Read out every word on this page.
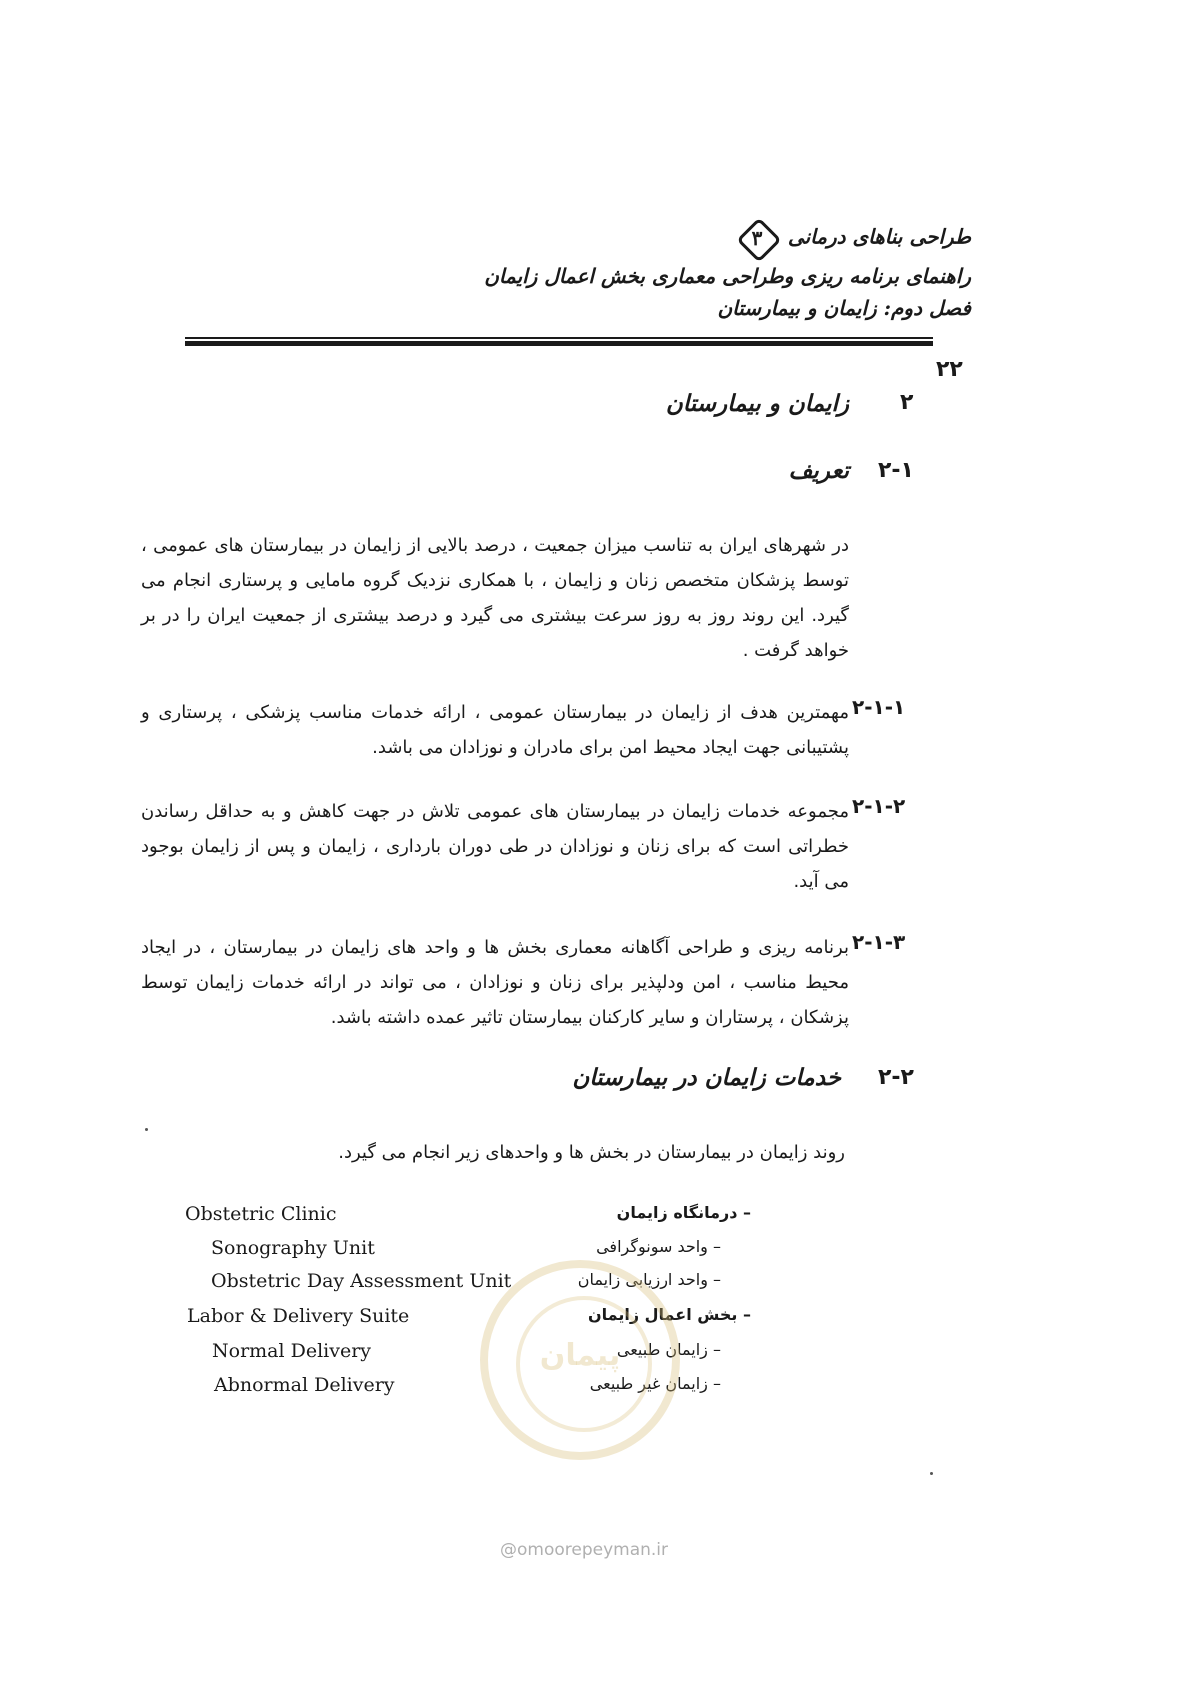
طراحی بناهای درمانی
۳
راهنمای برنامه ریزی وطراحی معماری بخش اعمال زایمان
فصل دوم: زایمان و بیمارستان
۲۲
۲
زایمان و بیمارستان
۲-۱
تعریف
در شهرهای ایران به تناسب میزان جمعیت ، درصد بالایی از زایمان در بیمارستان های عمومی ، توسط پزشکان متخصص زنان و زایمان ، با همکاری نزدیک گروه مامایی و پرستاری انجام می گیرد. این روند روز به روز سرعت بیشتری می گیرد و درصد بیشتری از جمعیت ایران را در بر خواهد گرفت .
۲-۱-۱
مهمترین هدف از زایمان در بیمارستان عمومی ، ارائه خدمات مناسب پزشکی ، پرستاری و پشتیبانی جهت ایجاد محیط امن برای مادران و نوزادان می باشد.
۲-۱-۲
مجموعه خدمات زایمان در بیمارستان های عمومی تلاش در جهت کاهش و به حداقل رساندن خطراتی است که برای زنان و نوزادان در طی دوران بارداری ، زایمان و پس از زایمان بوجود می آید.
۲-۱-۳
برنامه ریزی و طراحی آگاهانه معماری بخش ها و واحد های زایمان در بیمارستان ، در ایجاد محیط مناسب ، امن ودلپذیر برای زنان و نوزادان ، می تواند در ارائه خدمات زایمان توسط پزشکان ، پرستاران و سایر کارکنان بیمارستان تاثیر عمده داشته باشد.
۲-۲
خدمات زایمان در بیمارستان
روند زایمان در بیمارستان در بخش ها و واحدهای زیر انجام می گیرد.
– درمانگاه زایمان
Obstetric Clinic
– واحد سونوگرافی
Sonography Unit
– واحد ارزیابی زایمان
Obstetric Day Assessment Unit
– بخش اعمال زایمان
Labor & Delivery Suite
– زایمان طبیعی
Normal Delivery
– زایمان غیر طبیعی
Abnormal Delivery
پیمان
@omoorepeyman.ir
